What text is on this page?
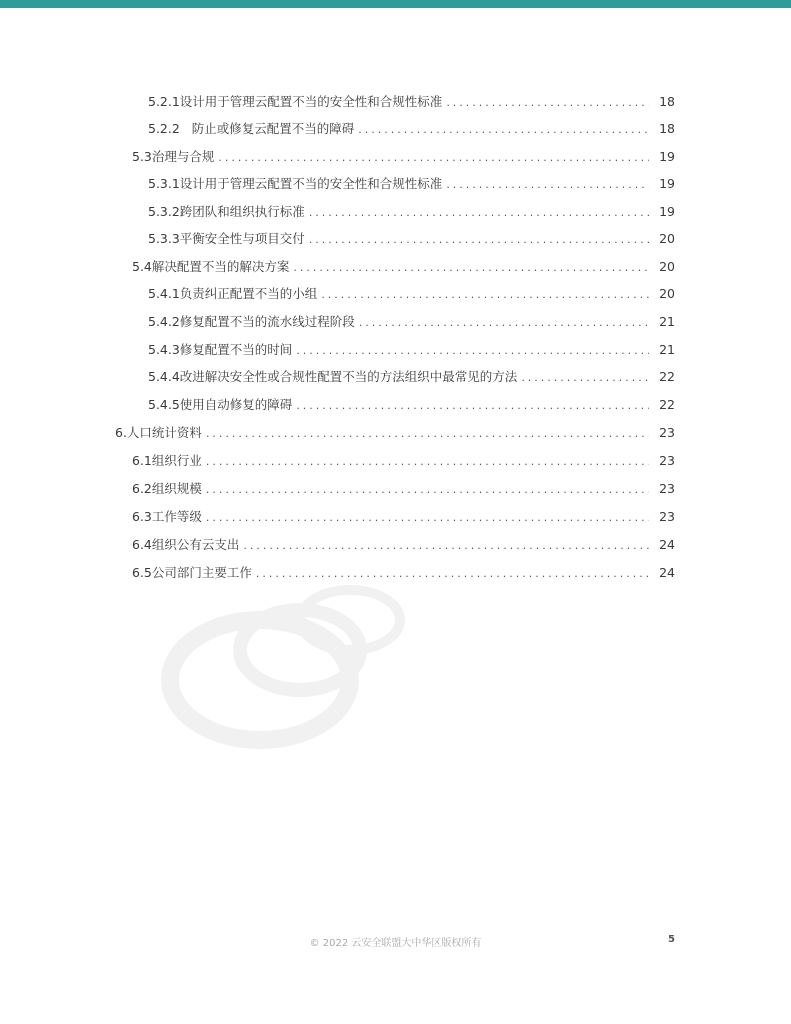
5.2.1设计用于管理云配置不当的安全性和合规性标准 .....	18
5.2.2   防止或修复云配置不当的障碍 .....	18
5.3治理与合规 .....	19
5.3.1设计用于管理云配置不当的安全性和合规性标准 .....	19
5.3.2跨团队和组织执行标准 .....	19
5.3.3平衡安全性与项目交付 .....	20
5.4解决配置不当的解决方案 .....	20
5.4.1负责纠正配置不当的小组 .....	20
5.4.2修复配置不当的流水线过程阶段 .....	21
5.4.3修复配置不当的时间 .....	21
5.4.4改进解决安全性或合规性配置不当的方法组织中最常见的方法 .....	22
5.4.5使用自动修复的障碍 .....	22
6.人口统计资料 .....	23
6.1组织行业 .....	23
6.2组织规模 .....	23
6.3工作等级 .....	23
6.4组织公有云支出 .....	24
6.5公司部门主要工作 .....	24
© 2022 云安全联盟大中华区版权所有	5
